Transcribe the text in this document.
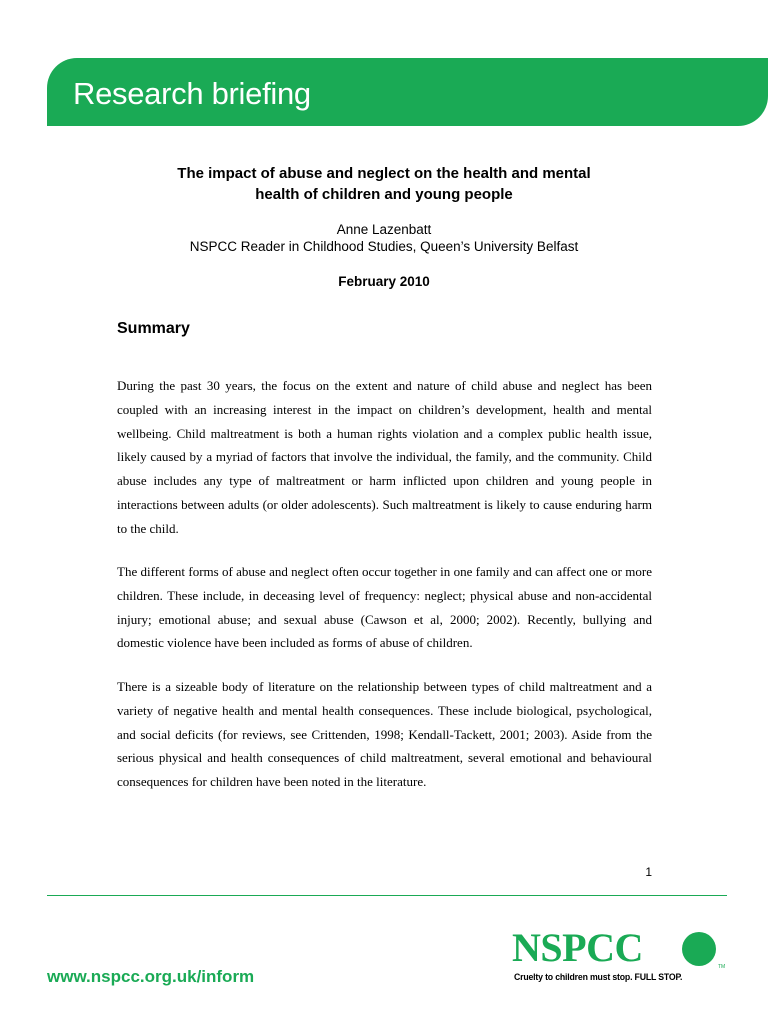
Research briefing
The impact of abuse and neglect on the health and mental
health of children and young people
Anne Lazenbatt
NSPCC Reader in Childhood Studies, Queen’s University Belfast
February 2010
Summary
During the past 30 years, the focus on the extent and nature of child abuse and neglect has been coupled with an increasing interest in the impact on children’s development, health and mental wellbeing. Child maltreatment is both a human rights violation and a complex public health issue, likely caused by a myriad of factors that involve the individual, the family, and the community. Child abuse includes any type of maltreatment or harm inflicted upon children and young people in interactions between adults (or older adolescents). Such maltreatment is likely to cause enduring harm to the child.
The different forms of abuse and neglect often occur together in one family and can affect one or more children. These include, in deceasing level of frequency: neglect; physical abuse and non-accidental injury; emotional abuse; and sexual abuse (Cawson et al, 2000; 2002). Recently, bullying and domestic violence have been included as forms of abuse of children.
There is a sizeable body of literature on the relationship between types of child maltreatment and a variety of negative health and mental health consequences. These include biological, psychological, and social deficits (for reviews, see Crittenden, 1998; Kendall-Tackett, 2001; 2003). Aside from the serious physical and health consequences of child maltreatment, several emotional and behavioural consequences for children have been noted in the literature.
1
www.nspcc.org.uk/inform
NSPCC	TM
Cruelty to children must stop. FULL STOP.
